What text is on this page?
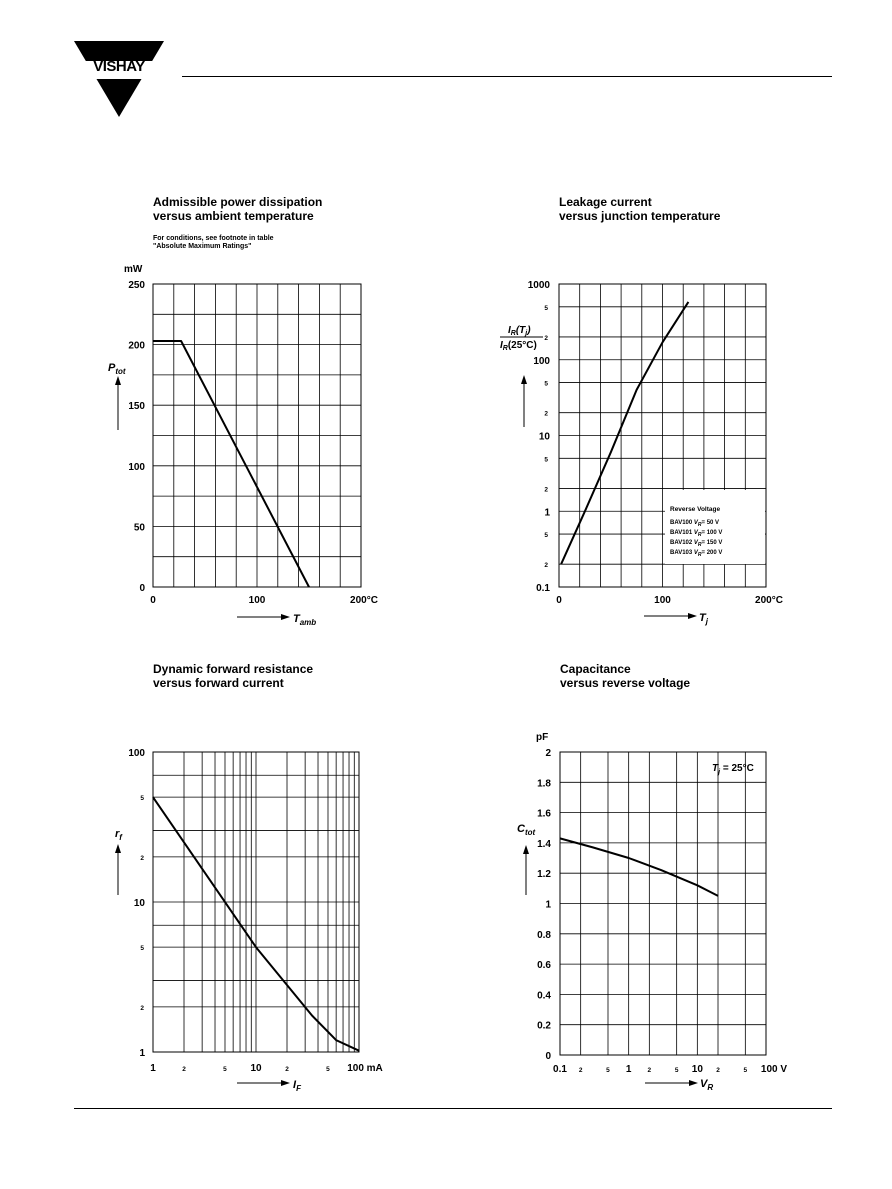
VISHAY
Admissible power dissipation
versus ambient temperature
For conditions, see footnote in table
"Absolute Maximum Ratings"
Leakage current
versus junction temperature
Dynamic forward resistance
versus forward current
Capacitance
versus reverse voltage
0	100	200°C
0
50
100
150
200
250
mW
$P_{tot}$
$T_{amb}$
0	100	200°C
0.1
1
10
100
1000
2
5
2
5
2
5
2
5
$I_R(T_j)$
$I_R(25^\circ C)$
$T_j$
Reverse Voltage
BAV100 $V_R= 50$ V
BAV101 $V_R= 100$ V
BAV102 $V_R= 150$ V
BAV103 $V_R= 200$ V
1	10	100 mA
2	5	2	5
1
10
100
2
5
2
5
$r_f$
$I_F$
0.1	1	10	100 V
2	5	2	5	2	5
0
0.2
0.4
0.6
0.8
1
1.2
1.4
1.6
1.8
2
pF
$C_{tot}$
$V_R$
$T_j = 25^\circ C$
